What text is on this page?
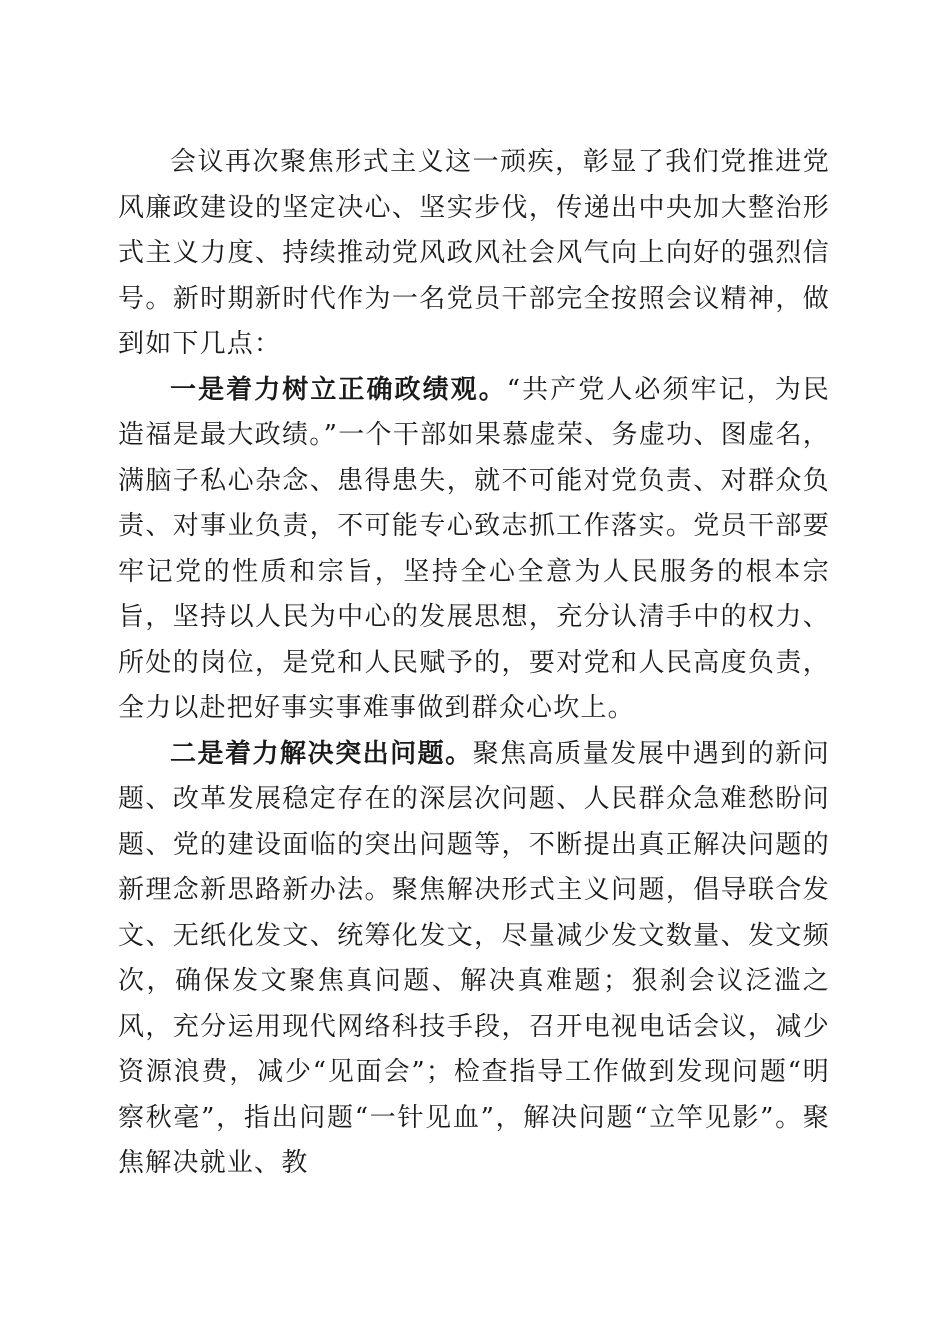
会议再次聚焦形式主义这一顽疾，彰显了我们党推进党风廉政建设的坚定决心、坚实步伐，传递出中央加大整治形式主义力度、持续推动党风政风社会风气向上向好的强烈信号。新时期新时代作为一名党员干部完全按照会议精神，做到如下几点：

一是着力树立正确政绩观。“共产党人必须牢记，为民造福是最大政绩。”一个干部如果慕虚荣、务虚功、图虚名，满脑子私心杂念、患得患失，就不可能对党负责、对群众负责、对事业负责，不可能专心致志抓工作落实。党员干部要牢记党的性质和宗旨，坚持全心全意为人民服务的根本宗旨，坚持以人民为中心的发展思想，充分认清手中的权力、所处的岗位，是党和人民赋予的，要对党和人民高度负责，全力以赴把好事实事难事做到群众心坎上。

二是着力解决突出问题。聚焦高质量发展中遇到的新问题、改革发展稳定存在的深层次问题、人民群众急难愁盼问题、党的建设面临的突出问题等，不断提出真正解决问题的新理念新思路新办法。聚焦解决形式主义问题，倡导联合发文、无纸化发文、统筹化发文，尽量减少发文数量、发文频次，确保发文聚焦真问题、解决真难题；狠刹会议泛滥之风，充分运用现代网络科技手段，召开电视电话会议，减少资源浪费，减少“见面会”；检查指导工作做到发现问题“明察秋毫”，指出问题“一针见血”，解决问题“立竿见影”。聚焦解决就业、教
